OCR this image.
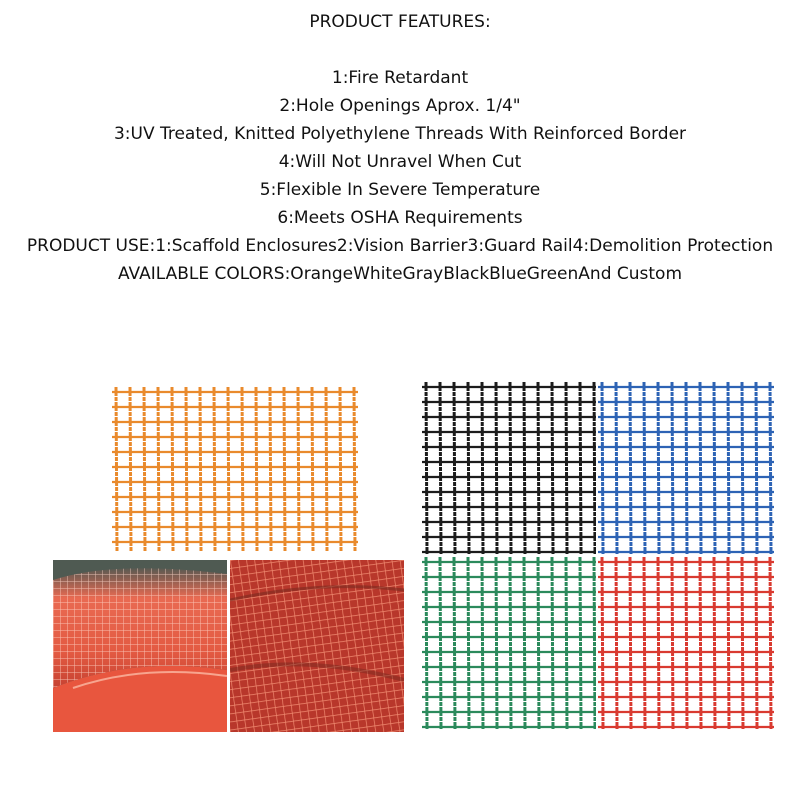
PRODUCT FEATURES:
1:Fire Retardant
2:Hole Openings Aprox. 1/4"
3:UV Treated, Knitted Polyethylene Threads With Reinforced Border
4:Will Not Unravel When Cut
5:Flexible In Severe Temperature
6:Meets OSHA Requirements
PRODUCT USE:1:Scaffold Enclosures2:Vision Barrier3:Guard Rail4:Demolition Protection
AVAILABLE COLORS:OrangeWhiteGrayBlackBlueGreenAnd Custom
